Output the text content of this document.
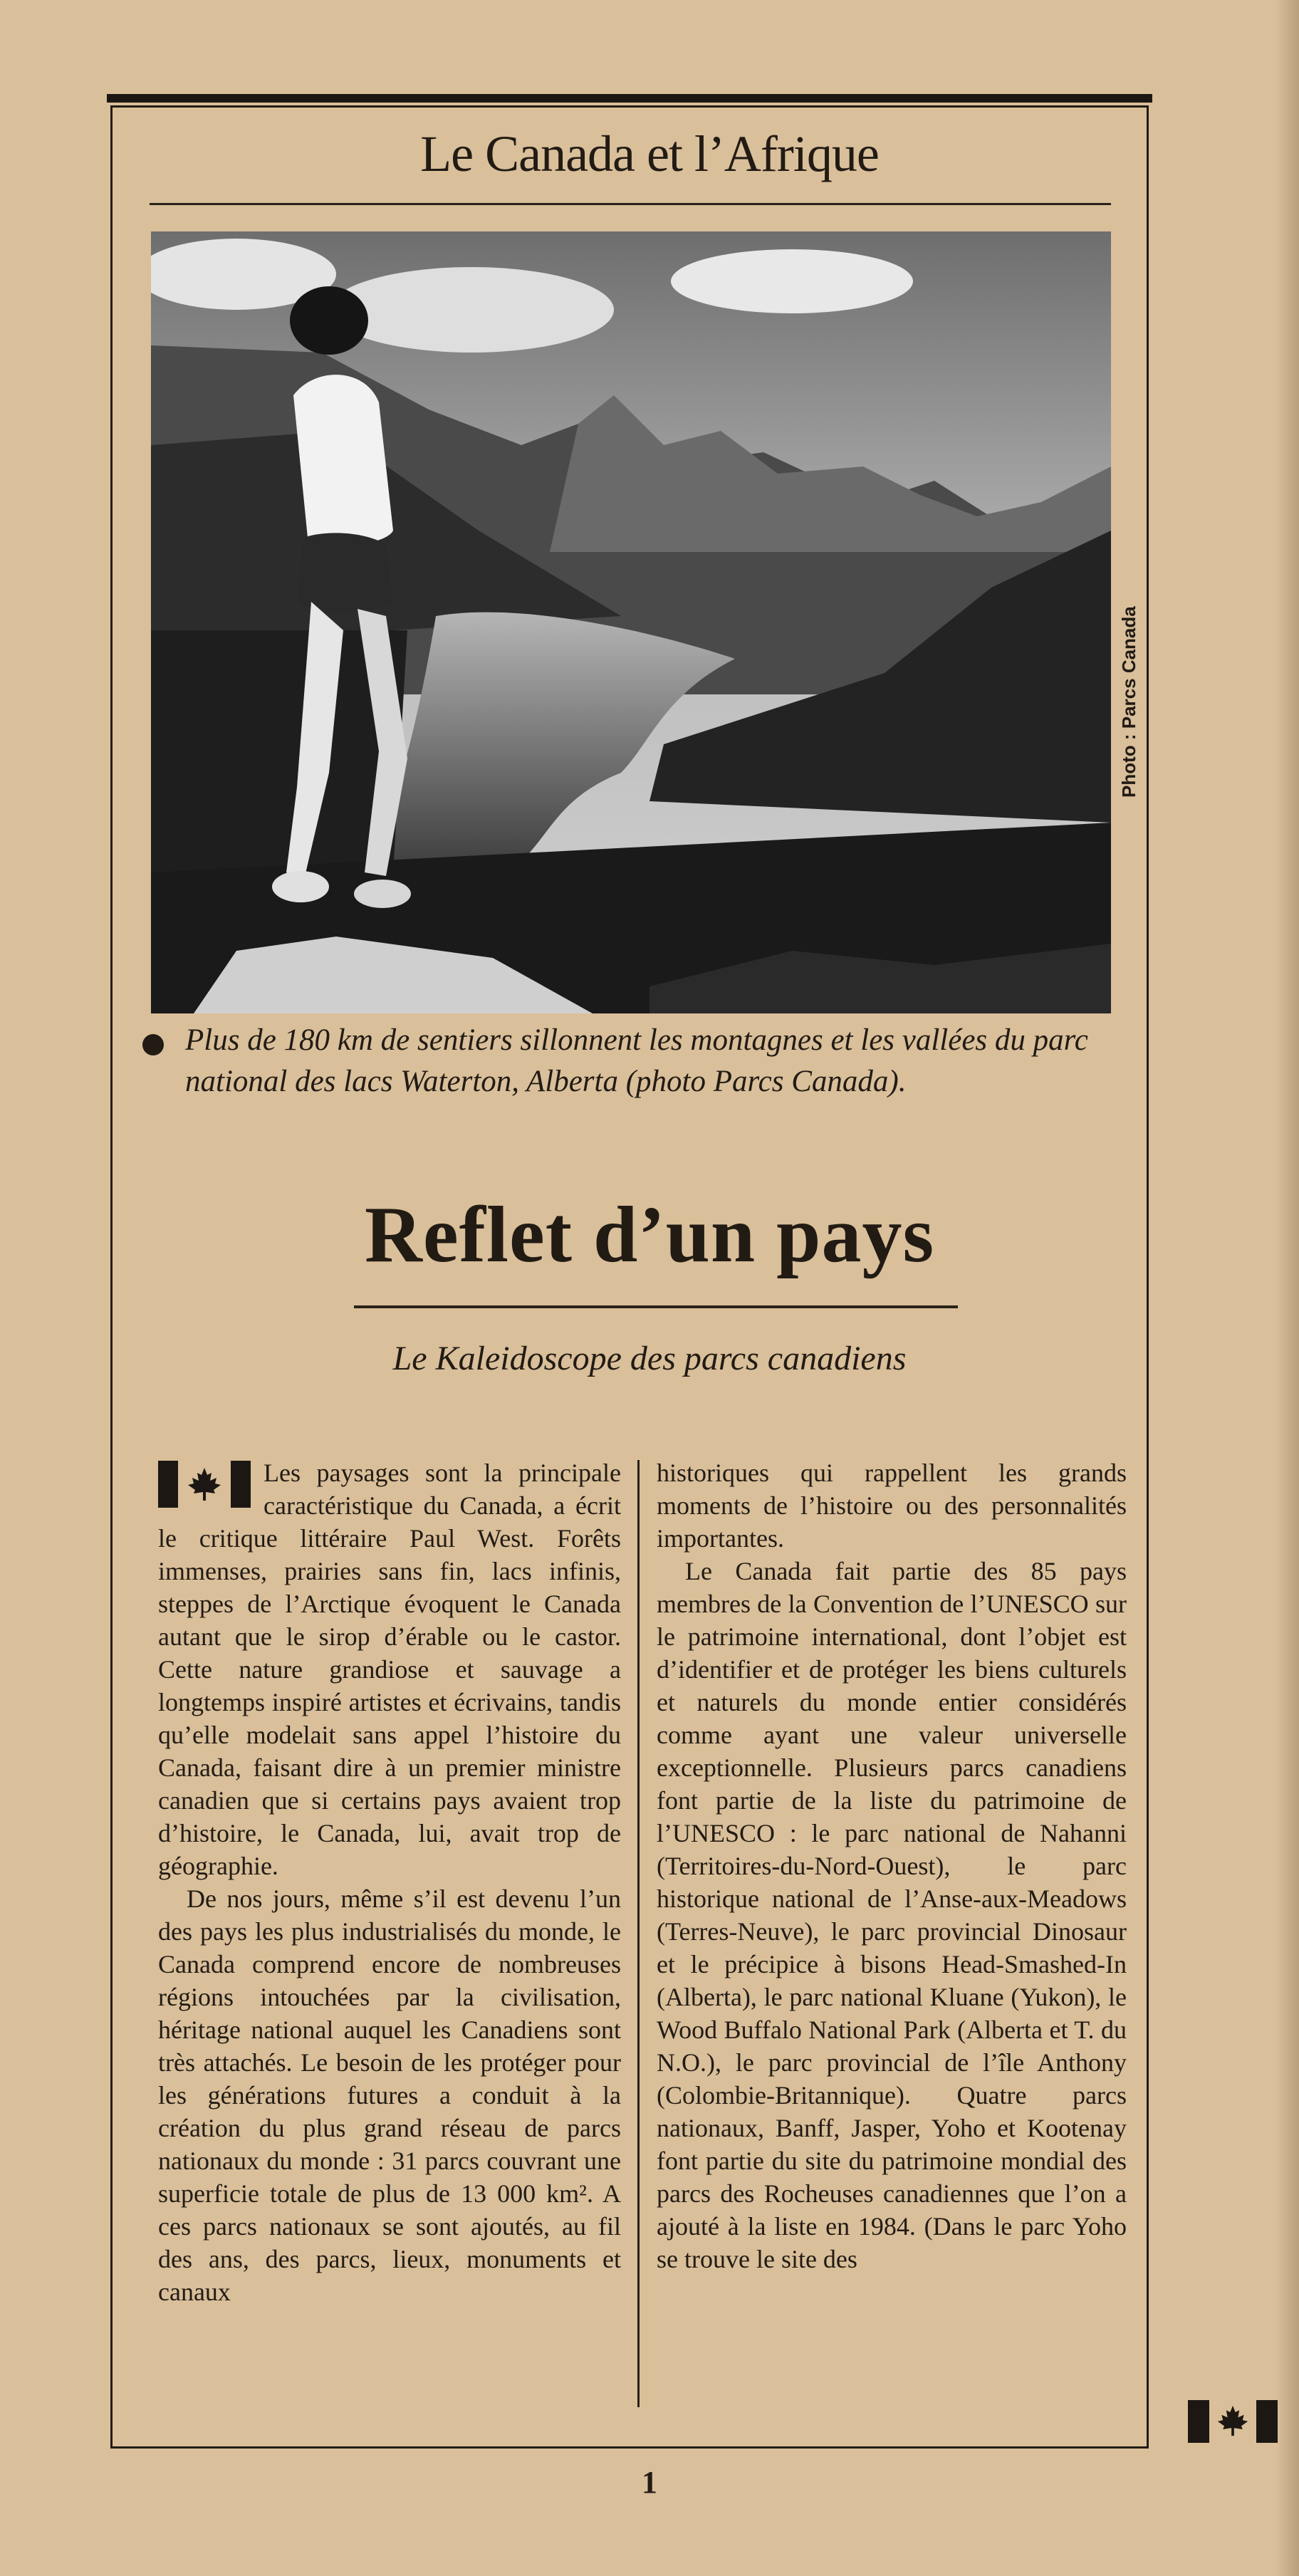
Le Canada et l’Afrique
Photo : Parcs Canada
Plus de 180 km de sentiers sillonnent les montagnes et les vallées du parc national des lacs Waterton, Alberta (photo Parcs Canada).
Reflet d’un pays
Le Kaleidoscope des parcs canadiens

Les paysages sont la principale caractéristique du Canada, a écrit le critique littéraire Paul West. Forêts immenses, prairies sans fin, lacs infinis, steppes de l’Arctique évoquent le Canada autant que le sirop d’érable ou le castor. Cette nature grandiose et sauvage a longtemps inspiré artistes et écrivains, tandis qu’elle modelait sans appel l’histoire du Canada, faisant dire à un premier ministre canadien que si certains pays avaient trop d’histoire, le Canada, lui, avait trop de géographie.

De nos jours, même s’il est devenu l’un des pays les plus industrialisés du monde, le Canada comprend encore de nombreuses régions intouchées par la civilisation, héritage national auquel les Canadiens sont très attachés. Le besoin de les protéger pour les générations futures a conduit à la création du plus grand réseau de parcs nationaux du monde : 31 parcs couvrant une superficie totale de plus de 13 000 km². A ces parcs nationaux se sont ajoutés, au fil des ans, des parcs, lieux, monuments et canaux

historiques qui rappellent les grands moments de l’histoire ou des personnalités importantes.

Le Canada fait partie des 85 pays membres de la Convention de l’UNESCO sur le patrimoine international, dont l’objet est d’identifier et de protéger les biens culturels et naturels du monde entier considérés comme ayant une valeur universelle exceptionnelle. Plusieurs parcs canadiens font partie de la liste du patrimoine de l’UNESCO : le parc national de Nahanni (Territoires-du-Nord-Ouest), le parc historique national de l’Anse-aux-Meadows (Terres-Neuve), le parc provincial Dinosaur et le précipice à bisons Head-Smashed-In (Alberta), le parc national Kluane (Yukon), le Wood Buffalo National Park (Alberta et T. du N.O.), le parc provincial de l’île Anthony (Colombie-Britannique). Quatre parcs nationaux, Banff, Jasper, Yoho et Kootenay font partie du site du patrimoine mondial des parcs des Rocheuses canadiennes que l’on a ajouté à la liste en 1984. (Dans le parc Yoho se trouve le site des

1
